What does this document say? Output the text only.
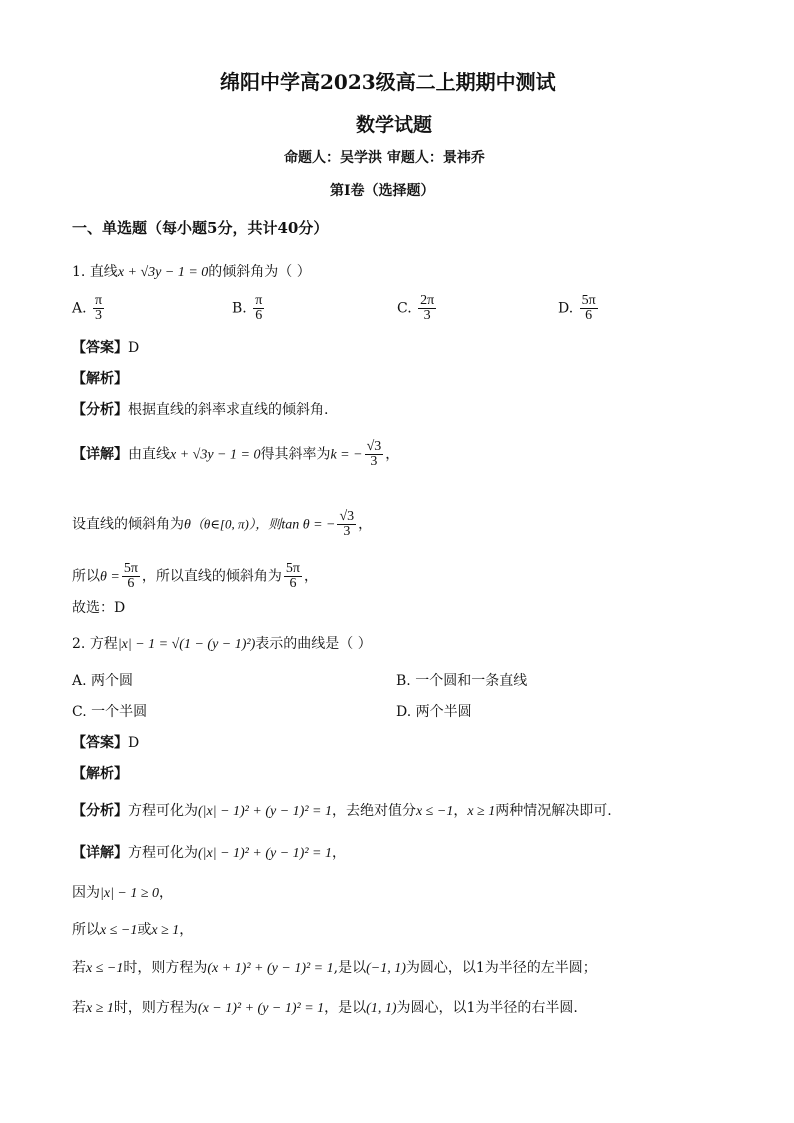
绵阳中学高2023级高二上期期中测试
数学试题
命题人：吴学洪 审题人：景祎乔
第I卷（选择题）
一、单选题（每小题5分，共计40分）
1. 直线x + √3y − 1 = 0的倾斜角为（ ）
A. $\frac{\pi}{3}$	B. $\frac{\pi}{6}$	C. $\frac{2\pi}{3}$	D. $\frac{5\pi}{6}$
【答案】D
【解析】
【分析】根据直线的斜率求直线的倾斜角.
【详解】由直线x + √3y − 1 = 0得其斜率为k = − $\frac{√3}{3}$ ，
设直线的倾斜角为θ（θ∈[0, π)），则tan θ = − $\frac{√3}{3}$ ，
所以$\theta = \frac{5\pi}{6}$ ，所以直线的倾斜角为 $\frac{5\pi}{6}$ ，
故选：D
2. 方程|x| − 1 = √(1 − (y − 1)²)表示的曲线是（ ）
A. 两个圆	B. 一个圆和一条直线
C. 一个半圆	D. 两个半圆
【答案】D
【解析】
【分析】方程可化为(|x| − 1)² + (y − 1)² = 1，去绝对值分x ≤ −1，x ≥ 1两种情况解决即可.
【详解】方程可化为(|x| − 1)² + (y − 1)² = 1，
因为|x| − 1 ≥ 0，
所以x ≤ −1或x ≥ 1，
若x ≤ −1时，则方程为(x + 1)² + (y − 1)² = 1,是以(−1, 1)为圆心，以1为半径的左半圆；
若x ≥ 1时，则方程为(x − 1)² + (y − 1)² = 1，是以(1, 1)为圆心，以1为半径的右半圆.
